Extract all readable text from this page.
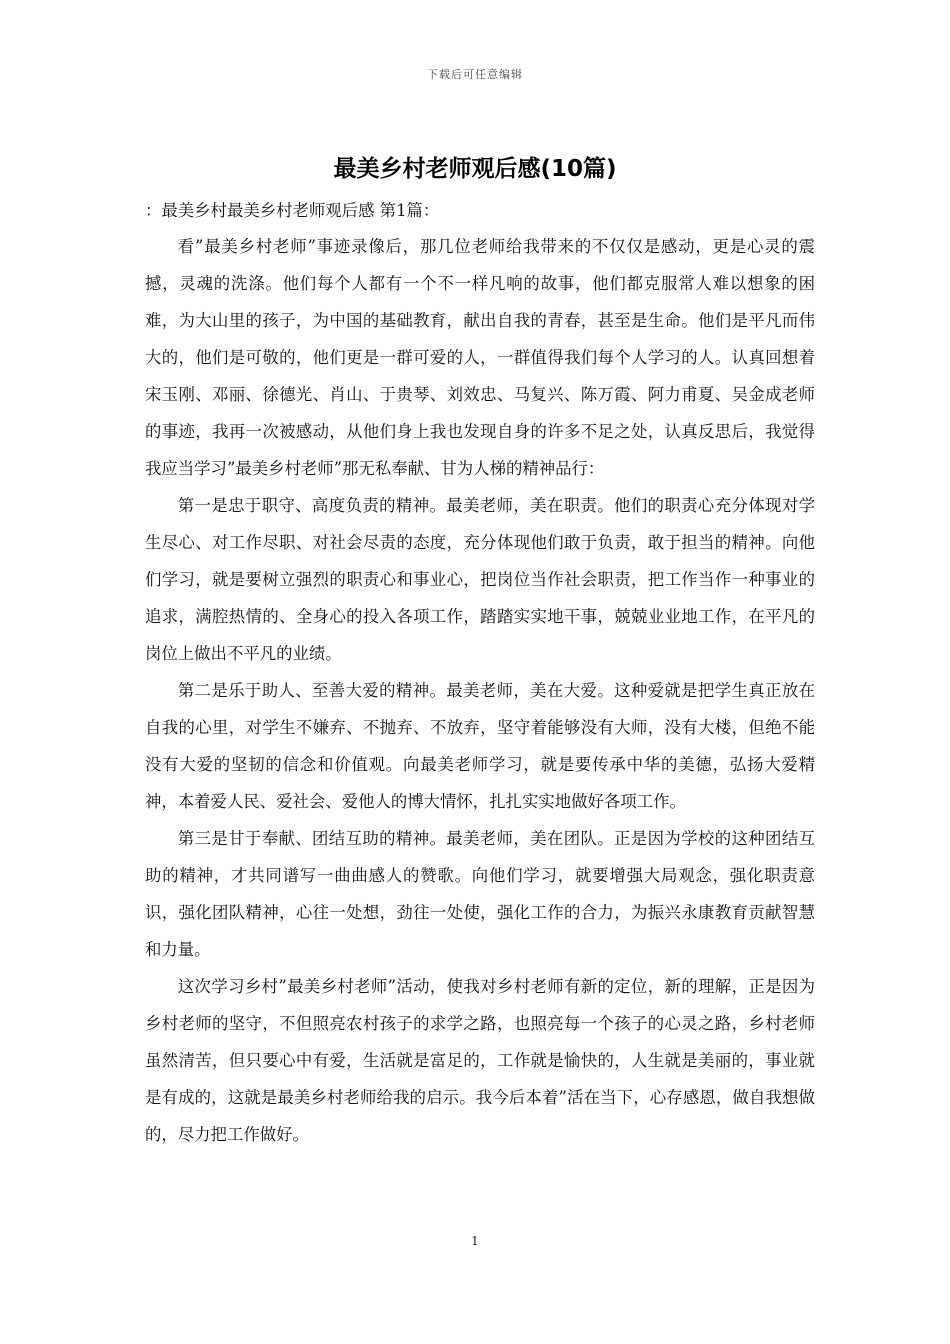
下载后可任意编辑
最美乡村老师观后感(10篇)

：最美乡村最美乡村老师观后感 第1篇：

看”最美乡村老师”事迹录像后，那几位老师给我带来的不仅仅是感动，更是心灵的震撼，灵魂的洗涤。他们每个人都有一个不一样凡响的故事，他们都克服常人难以想象的困难，为大山里的孩子，为中国的基础教育，献出自我的青春，甚至是生命。他们是平凡而伟大的，他们是可敬的，他们更是一群可爱的人，一群值得我们每个人学习的人。认真回想着宋玉刚、邓丽、徐德光、肖山、于贵琴、刘效忠、马复兴、陈万霞、阿力甫夏、吴金成老师的事迹，我再一次被感动，从他们身上我也发现自身的许多不足之处，认真反思后，我觉得我应当学习”最美乡村老师”那无私奉献、甘为人梯的精神品行：

第一是忠于职守、高度负责的精神。最美老师，美在职责。他们的职责心充分体现对学生尽心、对工作尽职、对社会尽责的态度，充分体现他们敢于负责，敢于担当的精神。向他们学习，就是要树立强烈的职责心和事业心，把岗位当作社会职责，把工作当作一种事业的追求，满腔热情的、全身心的投入各项工作，踏踏实实地干事，兢兢业业地工作，在平凡的岗位上做出不平凡的业绩。

第二是乐于助人、至善大爱的精神。最美老师，美在大爱。这种爱就是把学生真正放在自我的心里，对学生不嫌弃、不抛弃、不放弃，坚守着能够没有大师，没有大楼，但绝不能没有大爱的坚韧的信念和价值观。向最美老师学习，就是要传承中华的美德，弘扬大爱精神，本着爱人民、爱社会、爱他人的博大情怀，扎扎实实地做好各项工作。

第三是甘于奉献、团结互助的精神。最美老师，美在团队。正是因为学校的这种团结互助的精神，才共同谱写一曲曲感人的赞歌。向他们学习，就要增强大局观念，强化职责意识，强化团队精神，心往一处想，劲往一处使，强化工作的合力，为振兴永康教育贡献智慧和力量。

这次学习乡村”最美乡村老师”活动，使我对乡村老师有新的定位，新的理解，正是因为乡村老师的坚守，不但照亮农村孩子的求学之路，也照亮每一个孩子的心灵之路，乡村老师虽然清苦，但只要心中有爱，生活就是富足的，工作就是愉快的，人生就是美丽的，事业就是有成的，这就是最美乡村老师给我的启示。我今后本着”活在当下，心存感恩，做自我想做的，尽力把工作做好。

1
